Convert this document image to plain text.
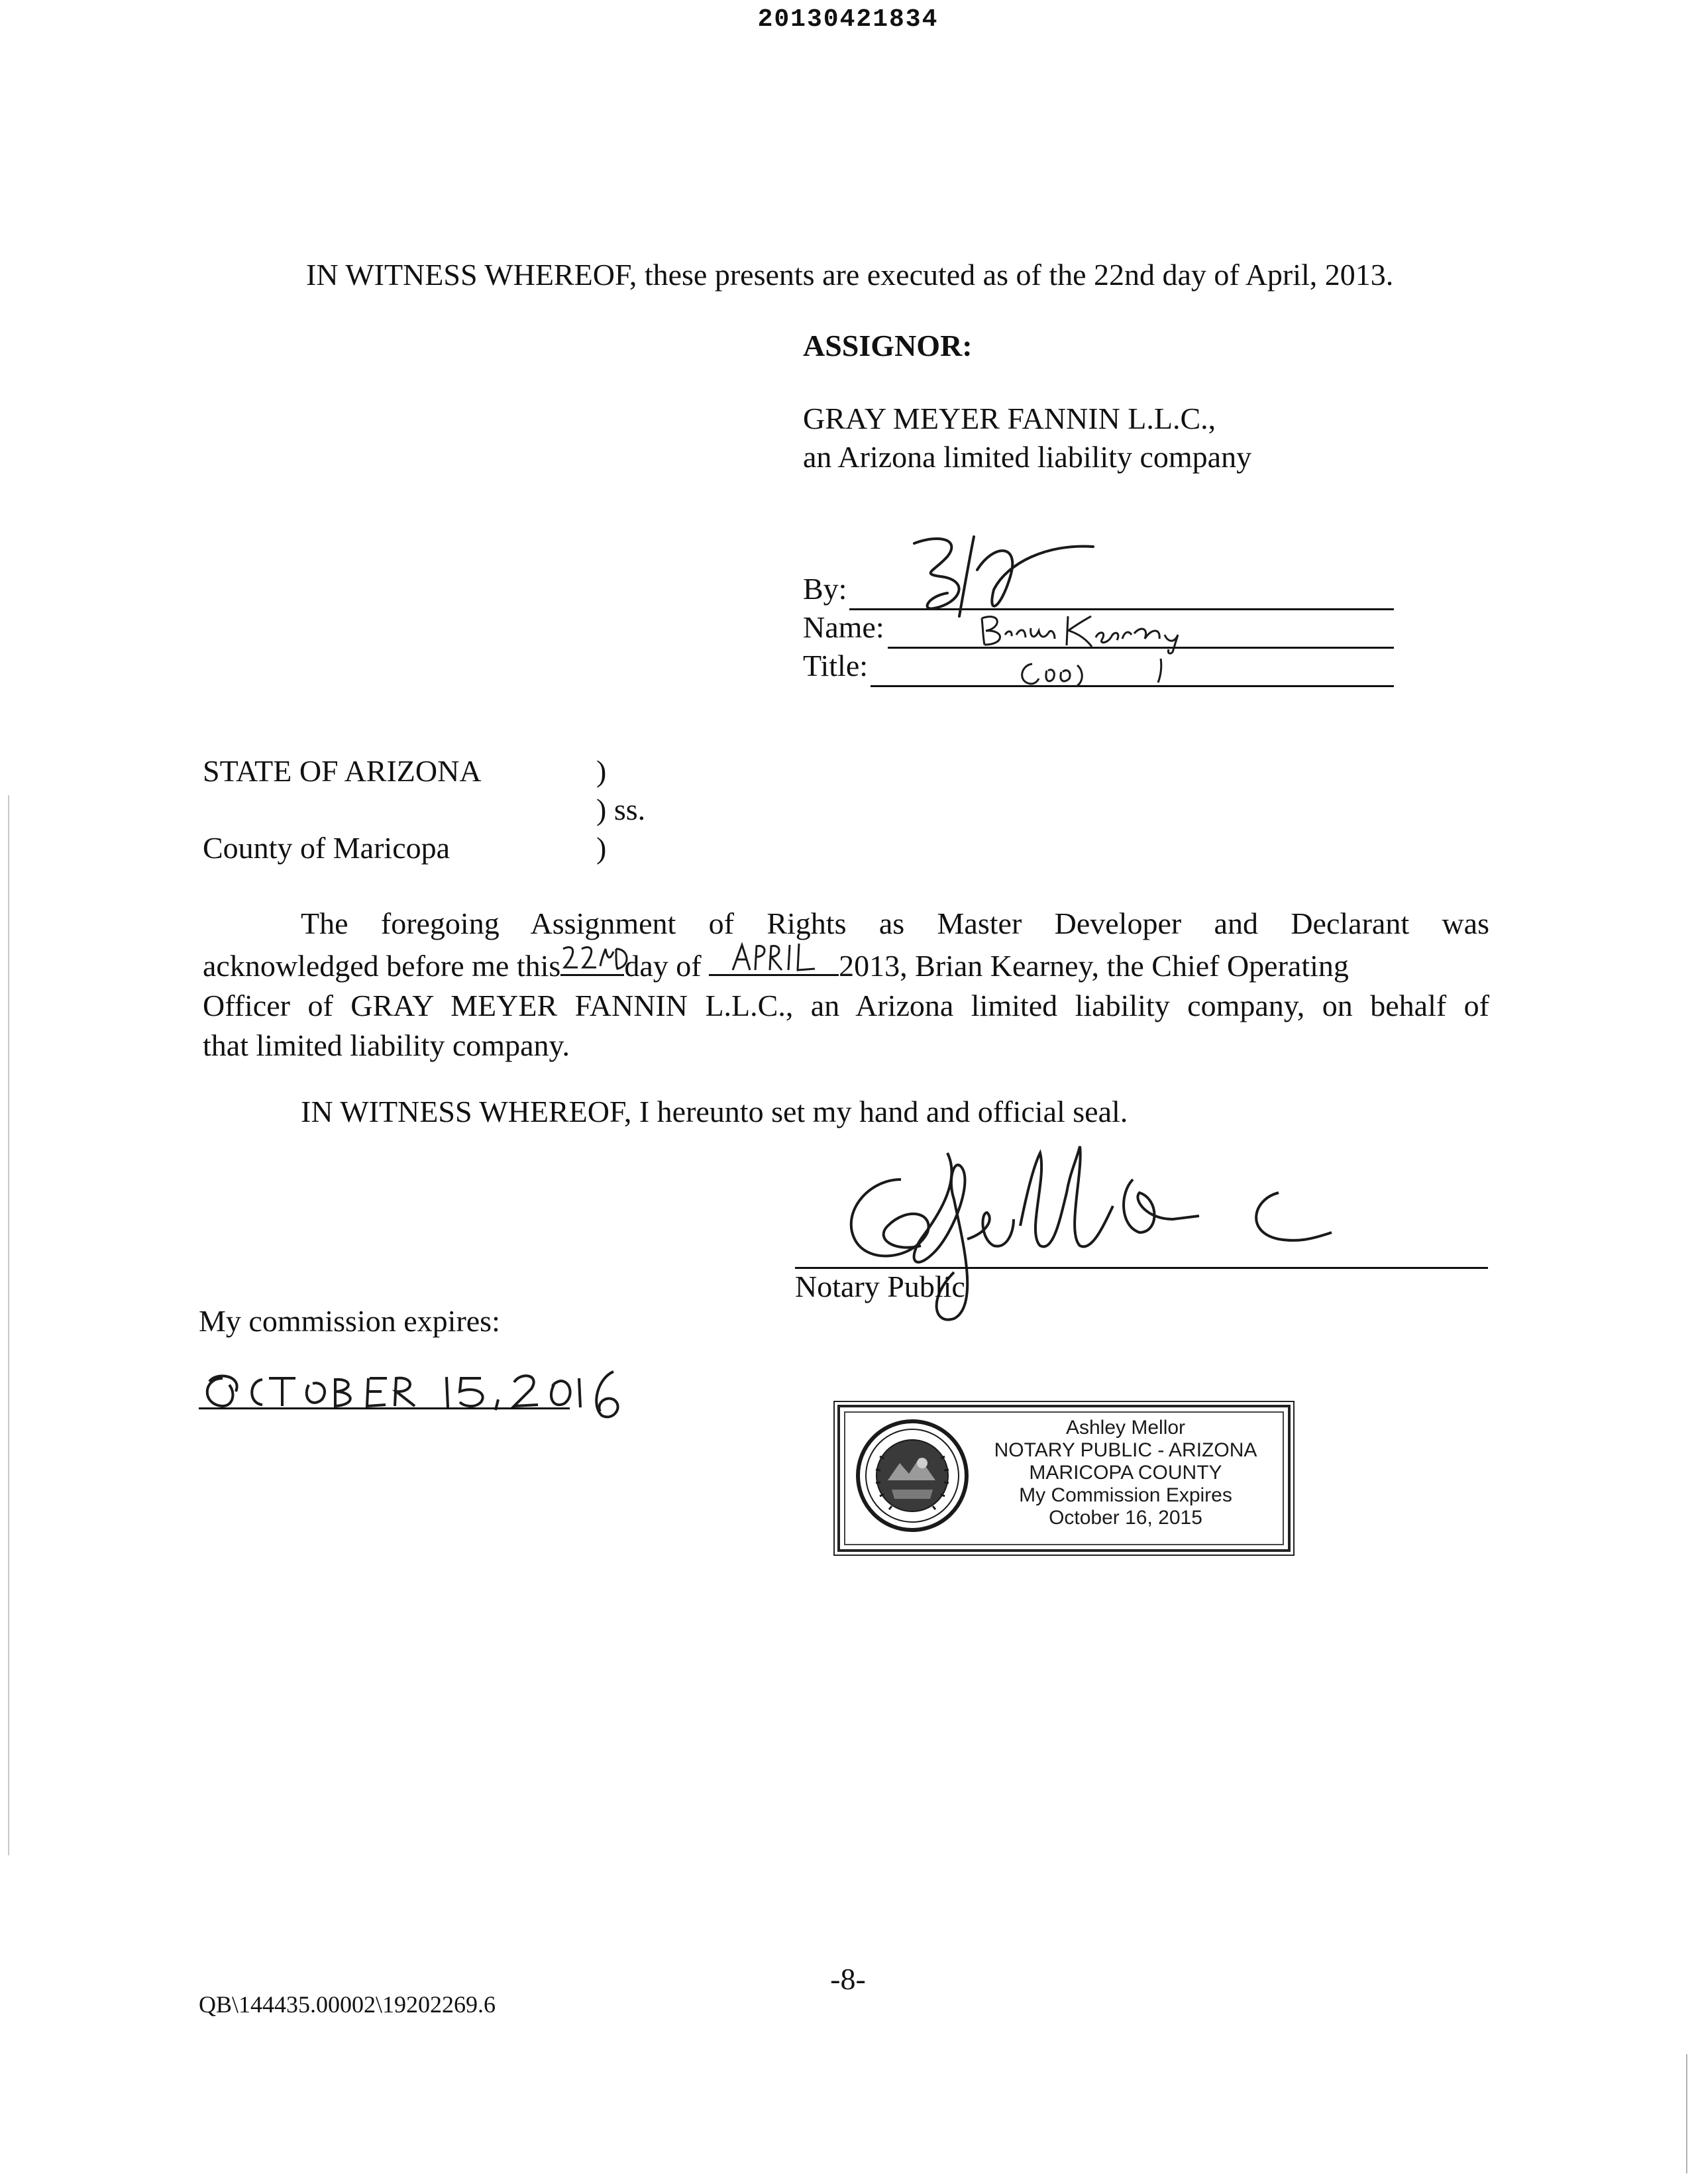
20130421834
IN WITNESS WHEREOF, these presents are executed as of the 22nd day of April, 2013.
ASSIGNOR:
GRAY MEYER FANNIN L.L.C.,
an Arizona limited liability company
By:
Name:
Title:
STATE OF ARIZONA
County of Maricopa
)
) ss.
)
The foregoing Assignment of Rights as Master Developer and Declarant was
acknowledged before me this day of	2013, Brian Kearney, the Chief Operating
Officer of GRAY MEYER FANNIN L.L.C., an Arizona limited liability company, on behalf of
that limited liability company.
IN WITNESS WHEREOF, I hereunto set my hand and official seal.
Notary Public
My commission expires:
Ashley Mellor
NOTARY PUBLIC - ARIZONA
MARICOPA COUNTY
My Commission Expires
October 16, 2015
-8-
QB\144435.00002\19202269.6
